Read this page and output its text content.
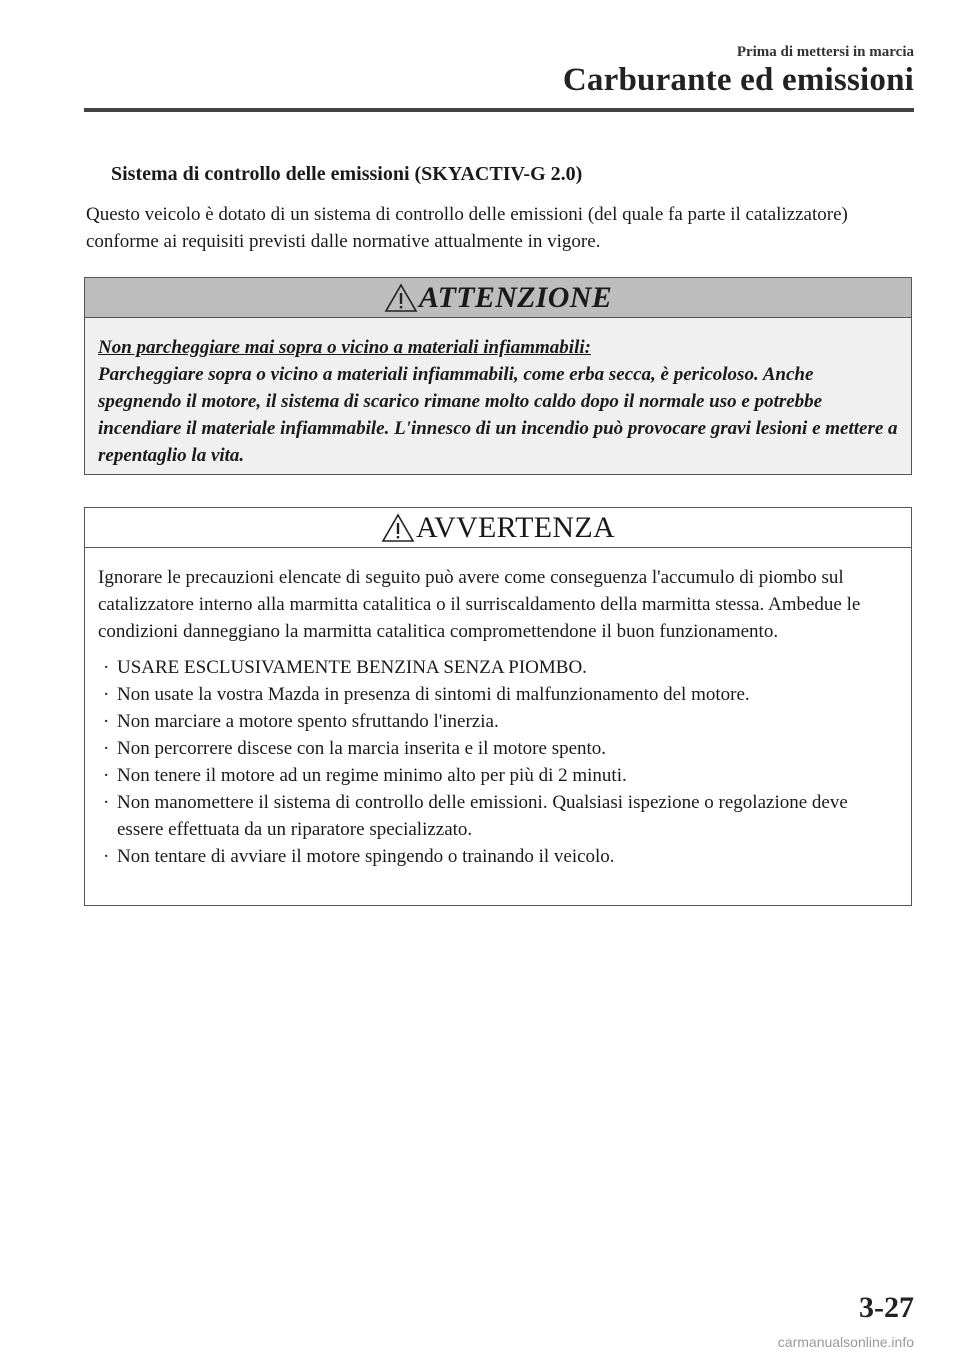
Prima di mettersi in marcia
Carburante ed emissioni
Sistema di controllo delle emissioni (SKYACTIV-G 2.0)
Questo veicolo è dotato di un sistema di controllo delle emissioni (del quale fa parte il catalizzatore) conforme ai requisiti previsti dalle normative attualmente in vigore.
ATTENZIONE
Non parcheggiare mai sopra o vicino a materiali infiammabili:
Parcheggiare sopra o vicino a materiali infiammabili, come erba secca, è pericoloso. Anche spegnendo il motore, il sistema di scarico rimane molto caldo dopo il normale uso e potrebbe incendiare il materiale infiammabile. L'innesco di un incendio può provocare gravi lesioni e mettere a repentaglio la vita.
AVVERTENZA

Ignorare le precauzioni elencate di seguito può avere come conseguenza l'accumulo di piombo sul catalizzatore interno alla marmitta catalitica o il surriscaldamento della marmitta stessa. Ambedue le condizioni danneggiano la marmitta catalitica compromettendone il buon funzionamento.

· USARE ESCLUSIVAMENTE BENZINA SENZA PIOMBO.
· Non usate la vostra Mazda in presenza di sintomi di malfunzionamento del motore.
· Non marciare a motore spento sfruttando l'inerzia.
· Non percorrere discese con la marcia inserita e il motore spento.
· Non tenere il motore ad un regime minimo alto per più di 2 minuti.
· Non manomettere il sistema di controllo delle emissioni. Qualsiasi ispezione o regolazione deve essere effettuata da un riparatore specializzato.
· Non tentare di avviare il motore spingendo o trainando il veicolo.
3-27
carmanualsonline.info
